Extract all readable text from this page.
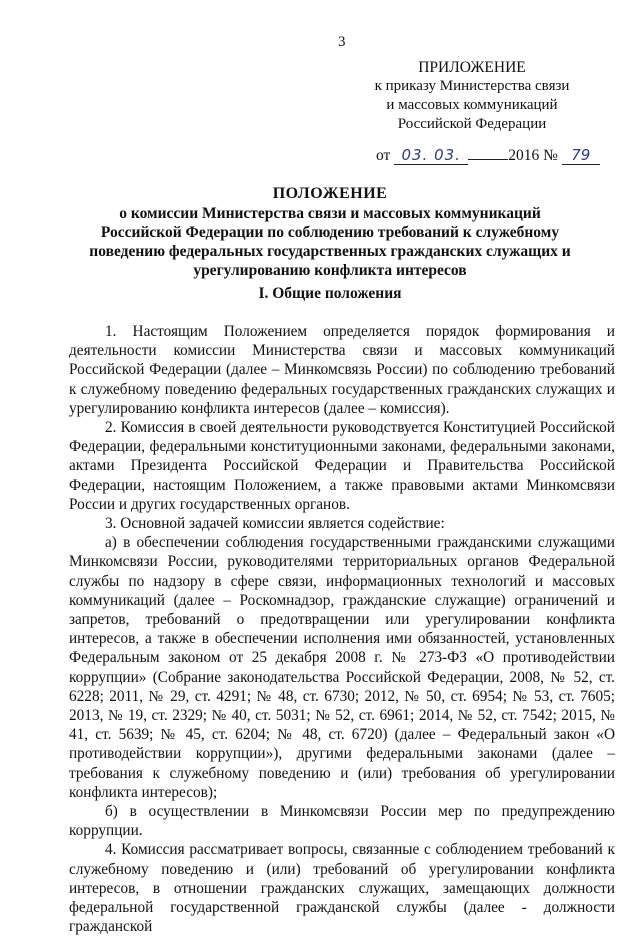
3
ПРИЛОЖЕНИЕ
к приказу Министерства связи
и массовых коммуникаций
Российской Федерации
от 03. 03.	2016 № 79
ПОЛОЖЕНИЕ
о комиссии Министерства связи и массовых коммуникаций Российской Федерации по соблюдению требований к служебному поведению федеральных государственных гражданских служащих и урегулированию конфликта интересов
I. Общие положения

1. Настоящим Положением определяется порядок формирования и деятельности комиссии Министерства связи и массовых коммуникаций Российской Федерации (далее – Минкомсвязь России) по соблюдению требований к служебному поведению федеральных государственных гражданских служащих и урегулированию конфликта интересов (далее – комиссия).

2. Комиссия в своей деятельности руководствуется Конституцией Российской Федерации, федеральными конституционными законами, федеральными законами, актами Президента Российской Федерации и Правительства Российской Федерации, настоящим Положением, а также правовыми актами Минкомсвязи России и других государственных органов.

3. Основной задачей комиссии является содействие:

а) в обеспечении соблюдения государственными гражданскими служащими Минкомсвязи России, руководителями территориальных органов Федеральной службы по надзору в сфере связи, информационных технологий и массовых коммуникаций (далее – Роскомнадзор, гражданские служащие) ограничений и запретов, требований о предотвращении или урегулировании конфликта интересов, а также в обеспечении исполнения ими обязанностей, установленных Федеральным законом от 25 декабря 2008 г. № 273-ФЗ «О противодействии коррупции» (Собрание законодательства Российской Федерации, 2008, № 52, ст. 6228; 2011, № 29, ст. 4291; № 48, ст. 6730; 2012, № 50, ст. 6954; № 53, ст. 7605; 2013, № 19, ст. 2329; № 40, ст. 5031; № 52, ст. 6961; 2014, № 52, ст. 7542; 2015, № 41, ст. 5639; № 45, ст. 6204; № 48, ст. 6720) (далее – Федеральный закон «О противодействии коррупции»), другими федеральными законами (далее – требования к служебному поведению и (или) требования об урегулировании конфликта интересов);

б) в осуществлении в Минкомсвязи России мер по предупреждению коррупции.

4. Комиссия рассматривает вопросы, связанные с соблюдением требований к служебному поведению и (или) требований об урегулировании конфликта интересов, в отношении гражданских служащих, замещающих должности федеральной государственной гражданской службы (далее - должности гражданской
